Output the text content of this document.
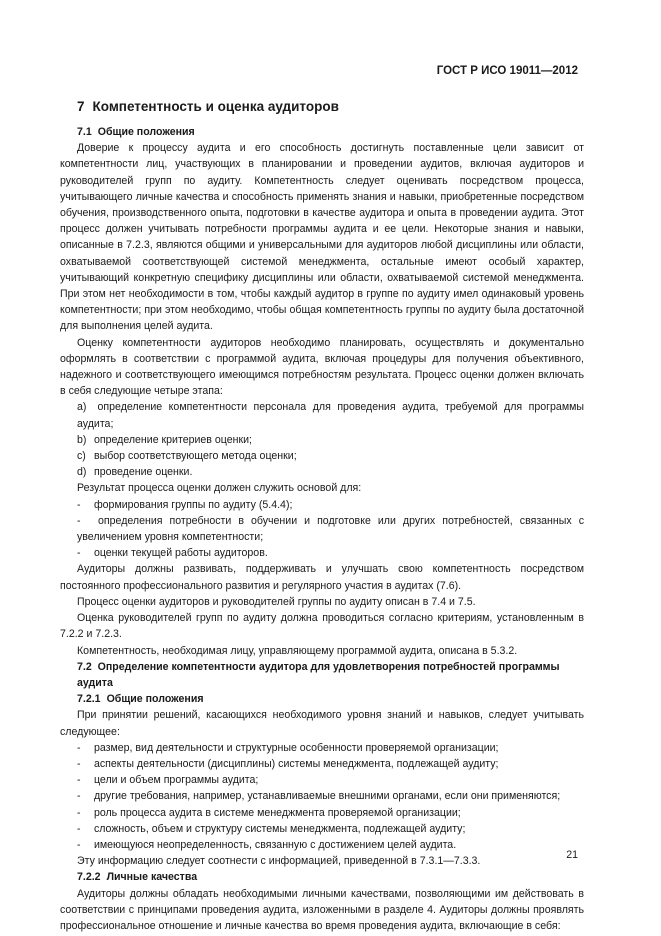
ГОСТ Р ИСО 19011—2012
7 Компетентность и оценка аудиторов
7.1 Общие положения

Доверие к процессу аудита и его способность достигнуть поставленные цели зависит от компетентности лиц, участвующих в планировании и проведении аудитов, включая аудиторов и руководителей групп по аудиту. Компетентность следует оценивать посредством процесса, учитывающего личные качества и способность применять знания и навыки, приобретенные посредством обучения, производственного опыта, подготовки в качестве аудитора и опыта в проведении аудита. Этот процесс должен учитывать потребности программы аудита и ее цели. Некоторые знания и навыки, описанные в 7.2.3, являются общими и универсальными для аудиторов любой дисциплины или области, охватываемой соответствующей системой менеджмента, остальные имеют особый характер, учитывающий конкретную специфику дисциплины или области, охватываемой системой менеджмента. При этом нет необходимости в том, чтобы каждый аудитор в группе по аудиту имел одинаковый уровень компетентности; при этом необходимо, чтобы общая компетентность группы по аудиту была достаточной для выполнения целей аудита.

Оценку компетентности аудиторов необходимо планировать, осуществлять и документально оформлять в соответствии с программой аудита, включая процедуры для получения объективного, надежного и соответствующего имеющимся потребностям результата. Процесс оценки должен включать в себя следующие четыре этапа:

a) определение компетентности персонала для проведения аудита, требуемой для программы аудита;
b) определение критериев оценки;
c) выбор соответствующего метода оценки;
d) проведение оценки.

Результат процесса оценки должен служить основой для:

- формирования группы по аудиту (5.4.4);
- определения потребности в обучении и подготовке или других потребностей, связанных с увеличением уровня компетентности;
- оценки текущей работы аудиторов.

Аудиторы должны развивать, поддерживать и улучшать свою компетентность посредством постоянного профессионального развития и регулярного участия в аудитах (7.6).

Процесс оценки аудиторов и руководителей группы по аудиту описан в 7.4 и 7.5.

Оценка руководителей групп по аудиту должна проводиться согласно критериям, установленным в 7.2.2 и 7.2.3.

Компетентность, необходимая лицу, управляющему программой аудита, описана в 5.3.2.

7.2 Определение компетентности аудитора для удовлетворения потребностей программы аудита
7.2.1 Общие положения

При принятии решений, касающихся необходимого уровня знаний и навыков, следует учитывать следующее:

- размер, вид деятельности и структурные особенности проверяемой организации;
- аспекты деятельности (дисциплины) системы менеджмента, подлежащей аудиту;
- цели и объем программы аудита;
- другие требования, например, устанавливаемые внешними органами, если они применяются;
- роль процесса аудита в системе менеджмента проверяемой организации;
- сложность, объем и структуру системы менеджмента, подлежащей аудиту;
- имеющуюся неопределенность, связанную с достижением целей аудита.

Эту информацию следует соотнести с информацией, приведенной в 7.3.1—7.3.3.

7.2.2 Личные качества

Аудиторы должны обладать необходимыми личными качествами, позволяющими им действовать в соответствии с принципами проведения аудита, изложенными в разделе 4. Аудиторы должны проявлять профессиональное отношение и личные качества во время проведения аудита, включающие в себя:

21
